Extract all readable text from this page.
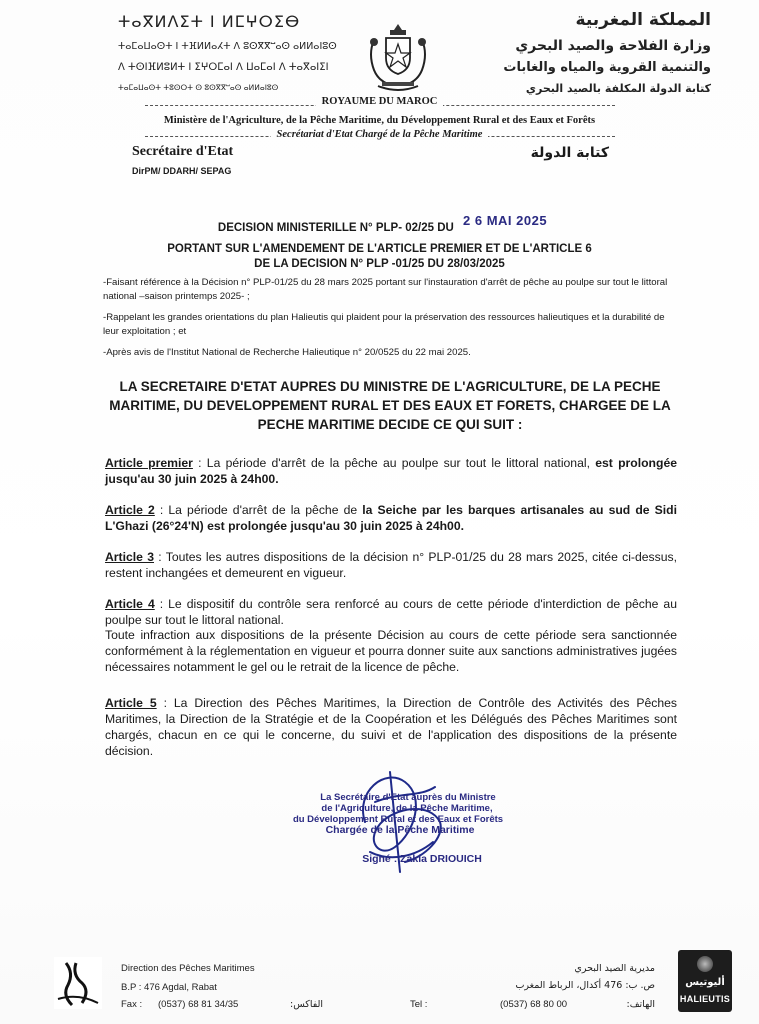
ⵜⴰⴳⵍⴷⵉⵜ ⵏ ⵍⵎⵖⵔⵉⴱ
ⵜⴰⵎⴰⵡⴰⵙⵜ ⵏ ⵜⴼⵍⵍⴰⵃⵜ ⴷ ⵓⵙⴳⴳⵯⴰⵙ ⴰⵍⵍⴰⵏⵓⵙ
ⴷ ⵜⵙⵏⴼⵍⵓⵍⵜ ⵏ ⵉⵖⵔⵎⴰⵏ ⴷ ⵡⴰⵎⴰⵏ ⴷ ⵜⴰⴳⴰⵏⵉⵏ
ⵜⴰⵎⴰⵡⴰⵙⵜ ⵜⵓⵙⵔⵜ ⵙ ⵓⵙⴳⴳⵯⴰⵙ ⴰⵍⵍⴰⵏⵓⵙ
المملكة المغربية
وزارة الفلاحة والصيد البحري
والتنمية القروية والمياه والغابات
كتابة الدولة المكلفة بالصيد البحري
ROYAUME DU MAROC
Ministère de l'Agriculture, de la Pêche Maritime, du Développement Rural et des Eaux et Forêts
Secrétariat d'Etat Chargé de la Pêche Maritime
Secrétaire d'Etat	كتابة الدولة
DirPM/ DDARH/ SEPAG
DECISION MINISTERILLE N° PLP- 02/25 DU 2 6 MAI 2025
PORTANT SUR L'AMENDEMENT DE L'ARTICLE PREMIER ET DE L'ARTICLE 6
DE LA DECISION N° PLP -01/25 DU 28/03/2025
-Faisant référence à la Décision n° PLP-01/25 du 28 mars 2025 portant sur l'instauration d'arrêt de pêche au poulpe sur tout le littoral national –saison printemps 2025- ;
-Rappelant les grandes orientations du plan Halieutis qui plaident pour la préservation des ressources halieutiques et la durabilité de leur exploitation ; et
-Après avis de l'Institut National de Recherche Halieutique n° 20/0525 du 22 mai 2025.
LA SECRETAIRE D'ETAT AUPRES DU MINISTRE DE L'AGRICULTURE, DE LA PECHE MARITIME, DU DEVELOPPEMENT RURAL ET DES EAUX ET FORETS, CHARGEE DE LA PECHE MARITIME DECIDE CE QUI SUIT :
Article premier : La période d'arrêt de la pêche au poulpe sur tout le littoral national, est prolongée jusqu'au 30 juin 2025 à 24h00.
Article 2 : La période d'arrêt de la pêche de la Seiche par les barques artisanales au sud de Sidi L'Ghazi (26°24'N) est prolongée jusqu'au 30 juin 2025 à 24h00.
Article 3 : Toutes les autres dispositions de la décision n° PLP-01/25 du 28 mars 2025, citée ci-dessus, restent inchangées et demeurent en vigueur.
Article 4 : Le dispositif du contrôle sera renforcé au cours de cette période d'interdiction de pêche au poulpe sur tout le littoral national.
Toute infraction aux dispositions de la présente Décision au cours de cette période sera sanctionnée conformément à la réglementation en vigueur et pourra donner suite aux sanctions administratives jugées nécessaires notamment le gel ou le retrait de la licence de pêche.
Article 5 : La Direction des Pêches Maritimes, la Direction de Contrôle des Activités des Pêches Maritimes, la Direction de la Stratégie et de la Coopération et les Délégués des Pêches Maritimes sont chargés, chacun en ce qui le concerne, du suivi et de l'application des dispositions de la présente décision.
La Secrétaire d'Etat auprès du Ministre
de l'Agriculture, de la Pêche Maritime,
du Développement Rural et des Eaux et Forêts
Chargée de la Pêche Maritime
Signé : Zakia DRIOUICH
Direction des Pêches Maritimes
B.P : 476 Agdal, Rabat
Fax : (0537) 68 81 34/35	الفاكس:	Tel :
مديرية الصيد البحري
ص. ب: 476 أكدال، الرباط المغرب
(0537) 68 80 00	الهاتف:
أليوتيس
HALIEUTIS
